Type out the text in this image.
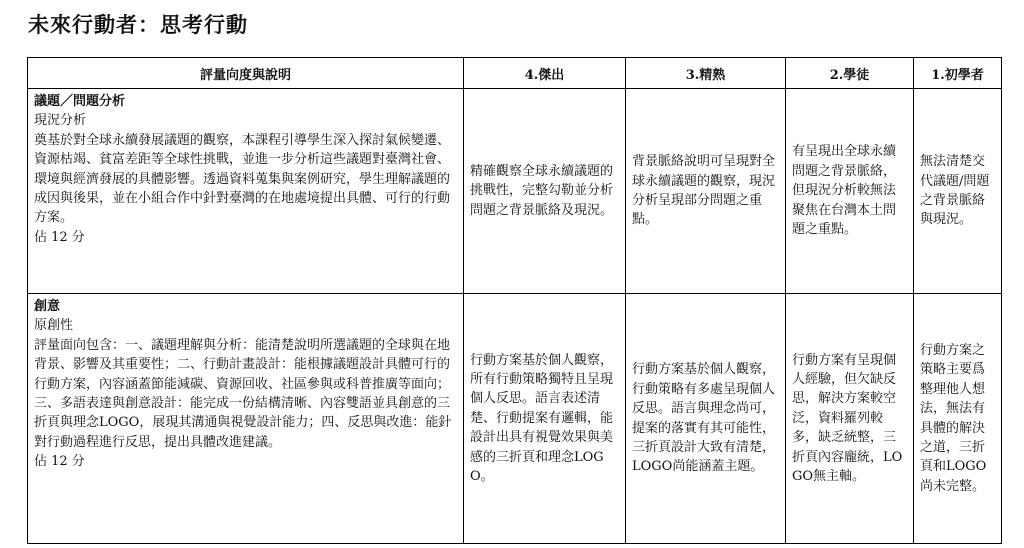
未來行動者：思考行動
評量向度與說明	4.傑出	3.精熟	2.學徒	1.初學者

議題／問題分析
現況分析
奠基於對全球永續發展議題的觀察，本課程引導學生深入探討氣候變遷、資源枯竭、貧富差距等全球性挑戰，並進一步分析這些議題對臺灣社會、環境與經濟發展的具體影響。透過資料蒐集與案例研究，學生理解議題的成因與後果，並在小組合作中針對臺灣的在地處境提出具體、可行的行動方案。
佔 12 分	精確觀察全球永續議題的挑戰性，完整勾勒並分析問題之背景脈絡及現況。	背景脈絡說明可呈現對全球永續議題的觀察，現況分析呈現部分問題之重點。	有呈現出全球永續問題之背景脈絡，但現況分析較無法聚焦在台灣本土問題之重點。	無法清楚交代議題/問題之背景脈絡與現況。

創意
原創性
評量面向包含：一、議題理解與分析：能清楚說明所選議題的全球與在地背景、影響及其重要性；二、行動計畫設計：能根據議題設計具體可行的行動方案，內容涵蓋節能減碳、資源回收、社區參與或科普推廣等面向；三、多語表達與創意設計：能完成一份結構清晰、內容雙語並具創意的三折頁與理念LOGO，展現其溝通與視覺設計能力；四、反思與改進：能針對行動過程進行反思，提出具體改進建議。
佔 12 分	行動方案基於個人觀察，所有行動策略獨特且呈現個人反思。語言表述清楚、行動提案有邏輯，能設計出具有視覺效果與美感的三折頁和理念LOGO。	行動方案基於個人觀察，行動策略有多處呈現個人反思。語言與理念尚可，提案的落實有其可能性，三折頁設計大致有清楚，LOGO尚能涵蓋主題。	行動方案有呈現個人經驗，但欠缺反思，解決方案較空泛，資料羅列較多，缺乏統整，三折頁內容龐統，LOGO無主軸。	行動方案之策略主要爲整理他人想法，無法有具體的解決之道，三折頁和LOGO尚未完整。
